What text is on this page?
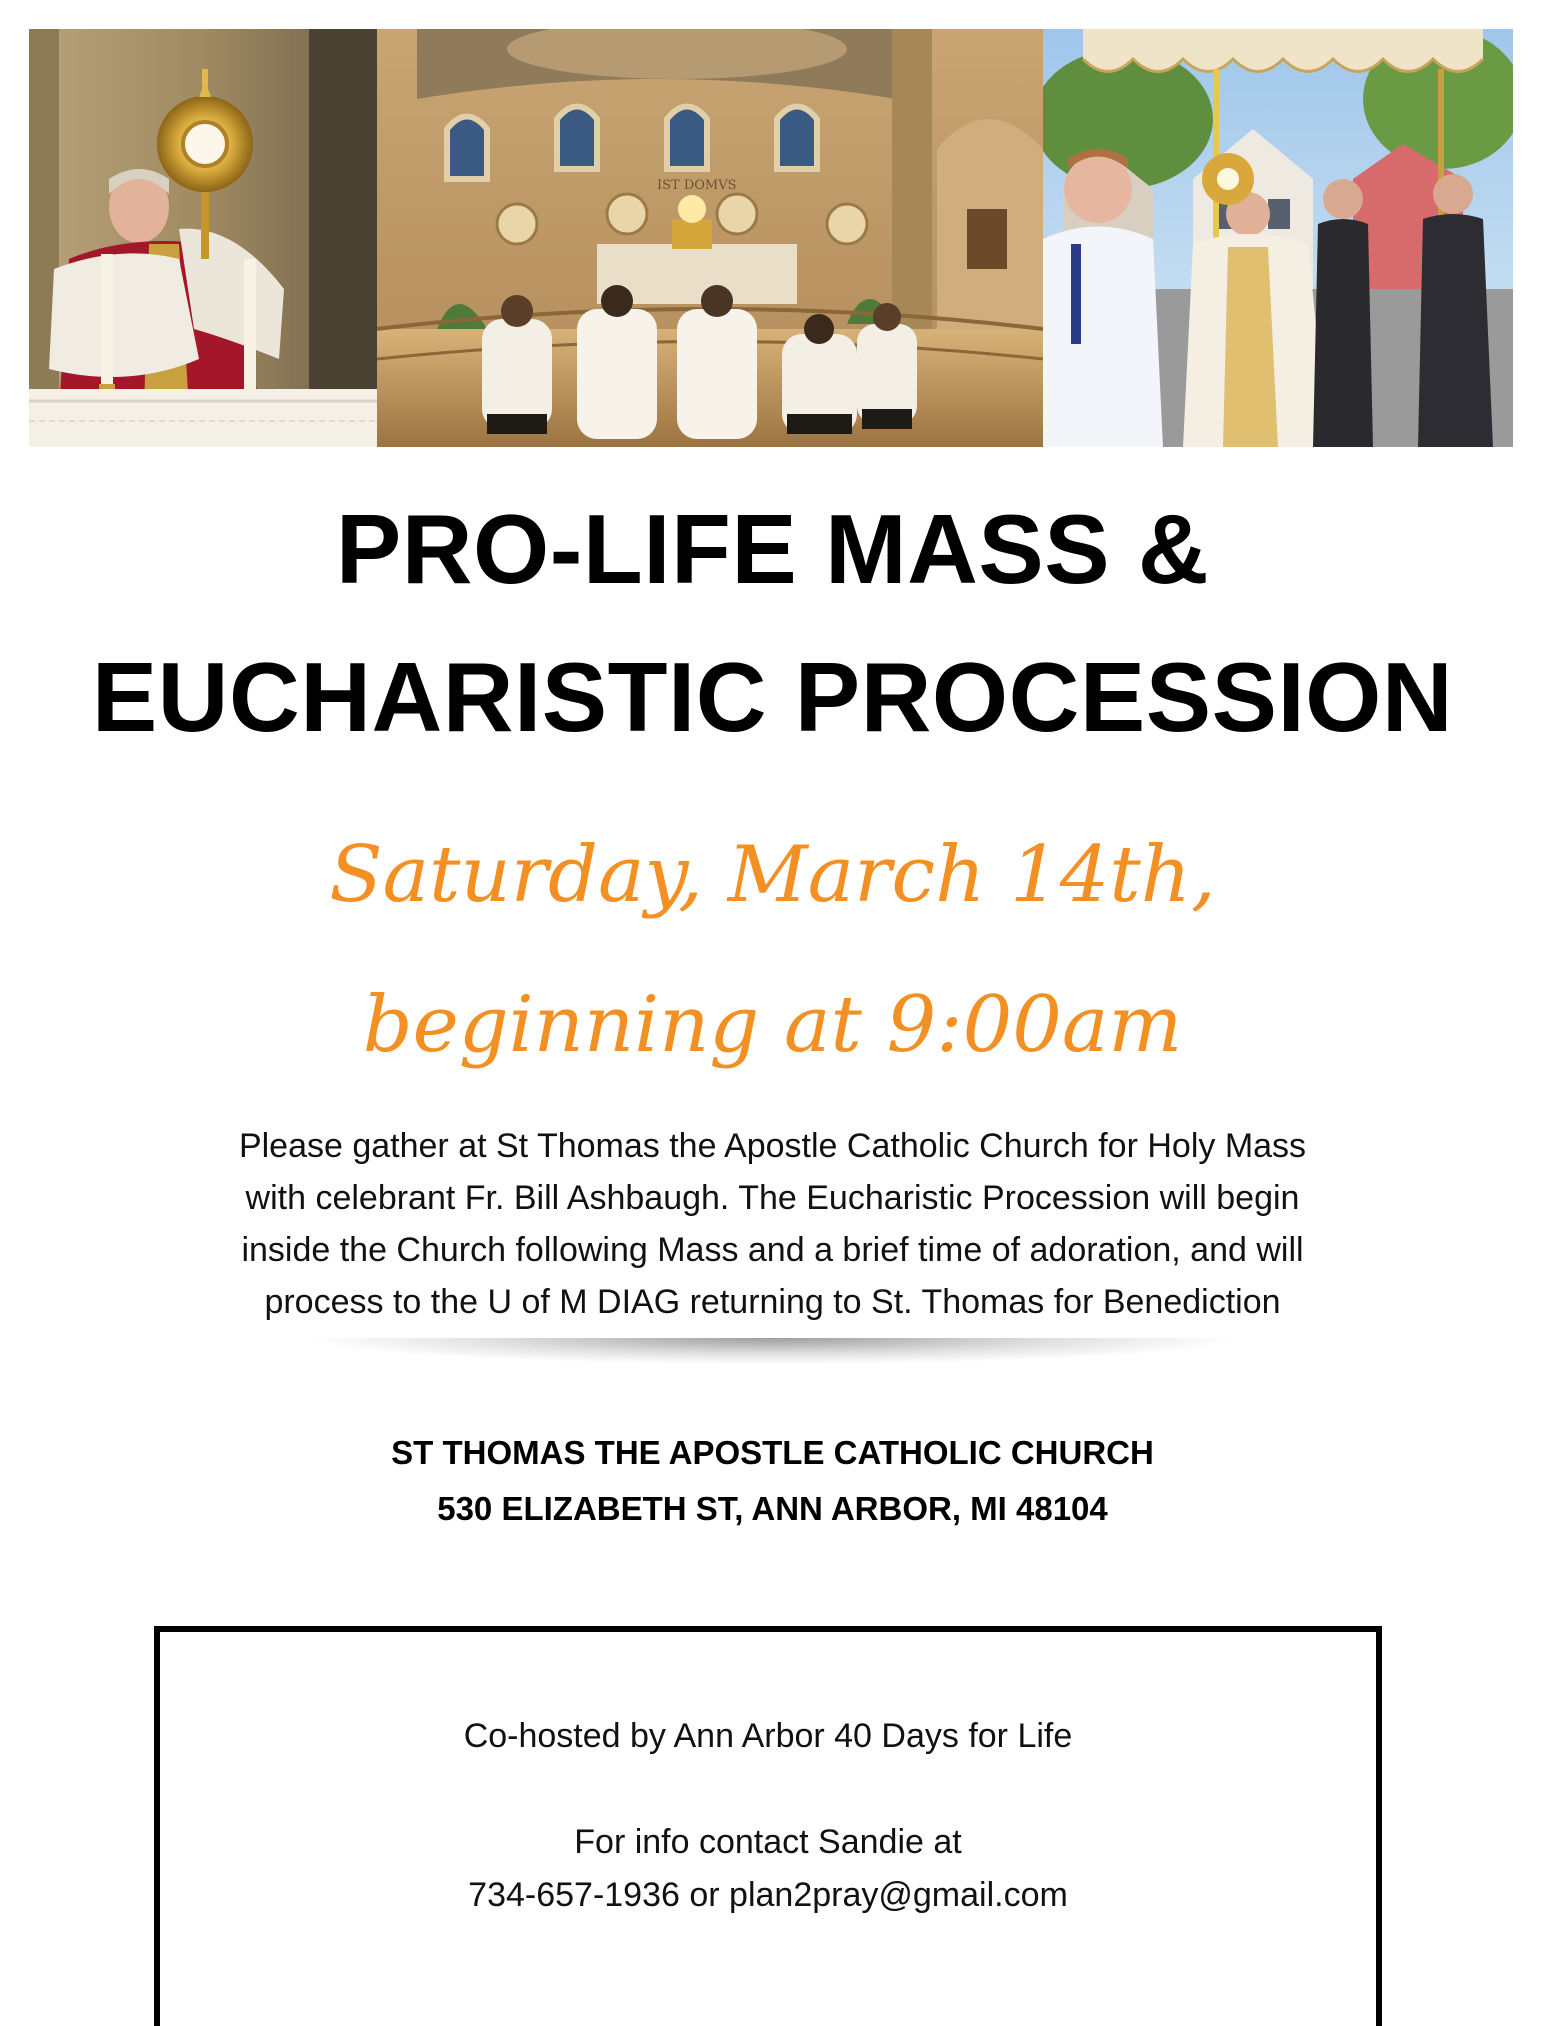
IST DOMVS
PRO-LIFE MASS &
EUCHARISTIC PROCESSION
Saturday, March 14th,
beginning at 9:00am
Please gather at St Thomas the Apostle Catholic Church for Holy Mass
with celebrant Fr. Bill Ashbaugh. The Eucharistic Procession will begin
inside the Church following Mass and a brief time of adoration, and will
process to the U of M DIAG returning to St. Thomas for Benediction
ST THOMAS THE APOSTLE CATHOLIC CHURCH
530 ELIZABETH ST, ANN ARBOR, MI 48104
Co-hosted by Ann Arbor 40 Days for Life
For info contact Sandie at
734-657-1936 or plan2pray@gmail.com
